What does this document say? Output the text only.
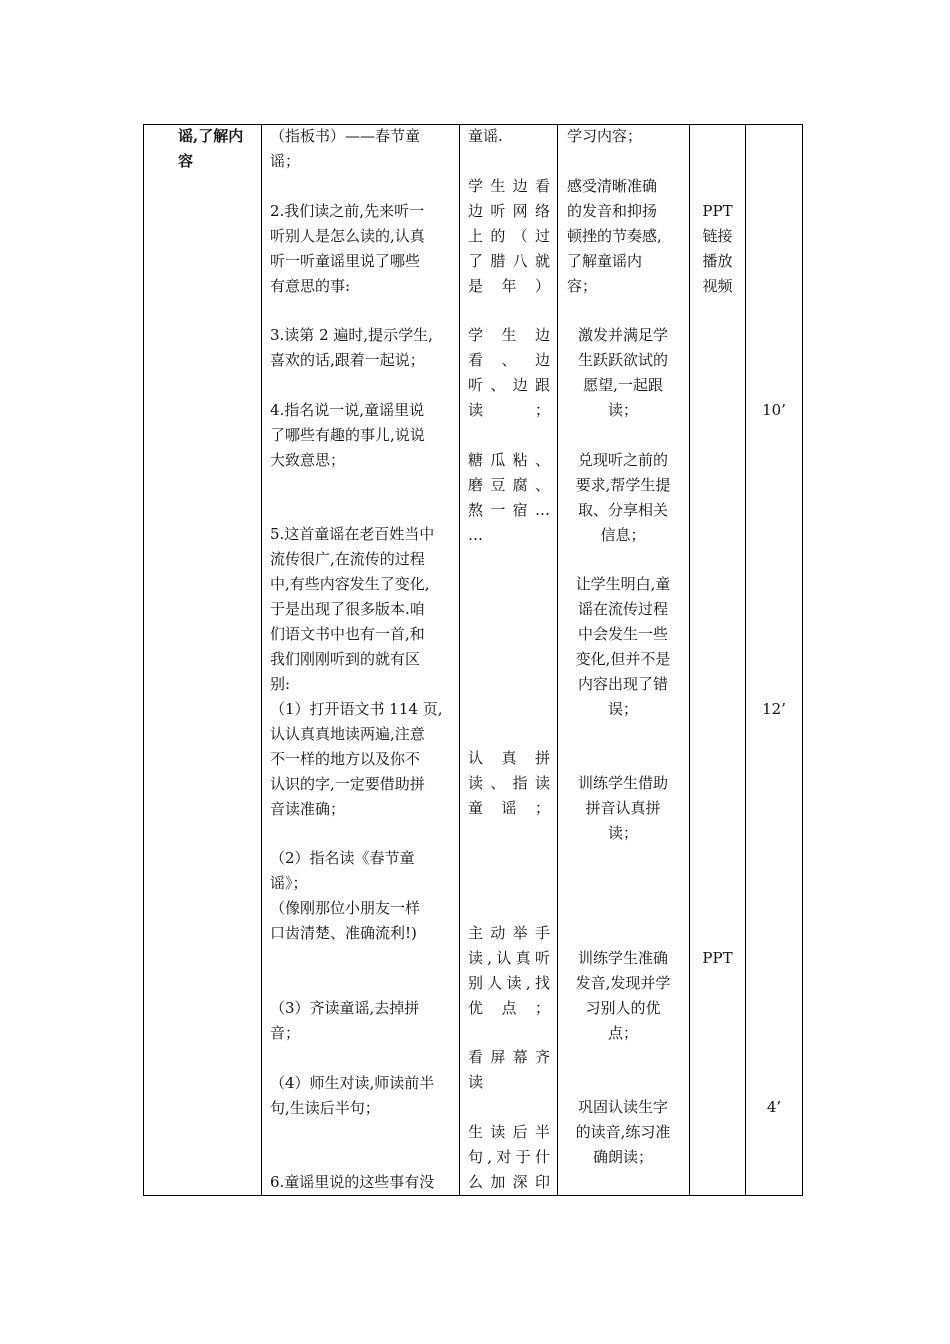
谣,了解内
容
（指板书）——春节童
谣；
2.我们读之前,先来听一
听别人是怎么读的,认真
听一听童谣里说了哪些
有意思的事:
3.读第 2 遍时,提示学生,
喜欢的话,跟着一起说；
4.指名说一说,童谣里说
了哪些有趣的事儿,说说
大致意思；
5.这首童谣在老百姓当中
流传很广,在流传的过程
中,有些内容发生了变化,
于是出现了很多版本.咱
们语文书中也有一首,和
我们刚刚听到的就有区
别:
（1）打开语文书 114 页,
认认真真地读两遍,注意
不一样的地方以及你不
认识的字,一定要借助拼
音读准确；
（2）指名读《春节童
谣》；
（像刚那位小朋友一样
口齿清楚、准确流利!)
（3）齐读童谣,去掉拼
音；
（4）师生对读,师读前半
句,生读后半句；
6.童谣里说的这些事有没
童谣.
学生边看
边听网络
上的（过
了腊八就
是年）
学 生 边
看 、 边
听、边跟
读；
糖瓜粘、
磨豆腐、
熬一宿…
…
认 真 拼
读、指读
童谣；
主动举手
读,认真听
别人读,找
优点；
看屏幕齐
读
生读后半
句,对于什
么加深印
学习内容；
感受清晰准确
的发音和抑扬
顿挫的节奏感,
了解童谣内
容；
激发并满足学
生跃跃欲试的
愿望,一起跟
读；
兑现听之前的
要求,帮学生提
取、分享相关
信息；
让学生明白,童
谣在流传过程
中会发生一些
变化,但并不是
内容出现了错
误；
训练学生借助
拼音认真拼
读；
训练学生准确
发音,发现并学
习别人的优
点；
巩固认读生字
的读音,练习准
确朗读；
PPT
链接
播放
视频
PPT
10’
12’
4’
